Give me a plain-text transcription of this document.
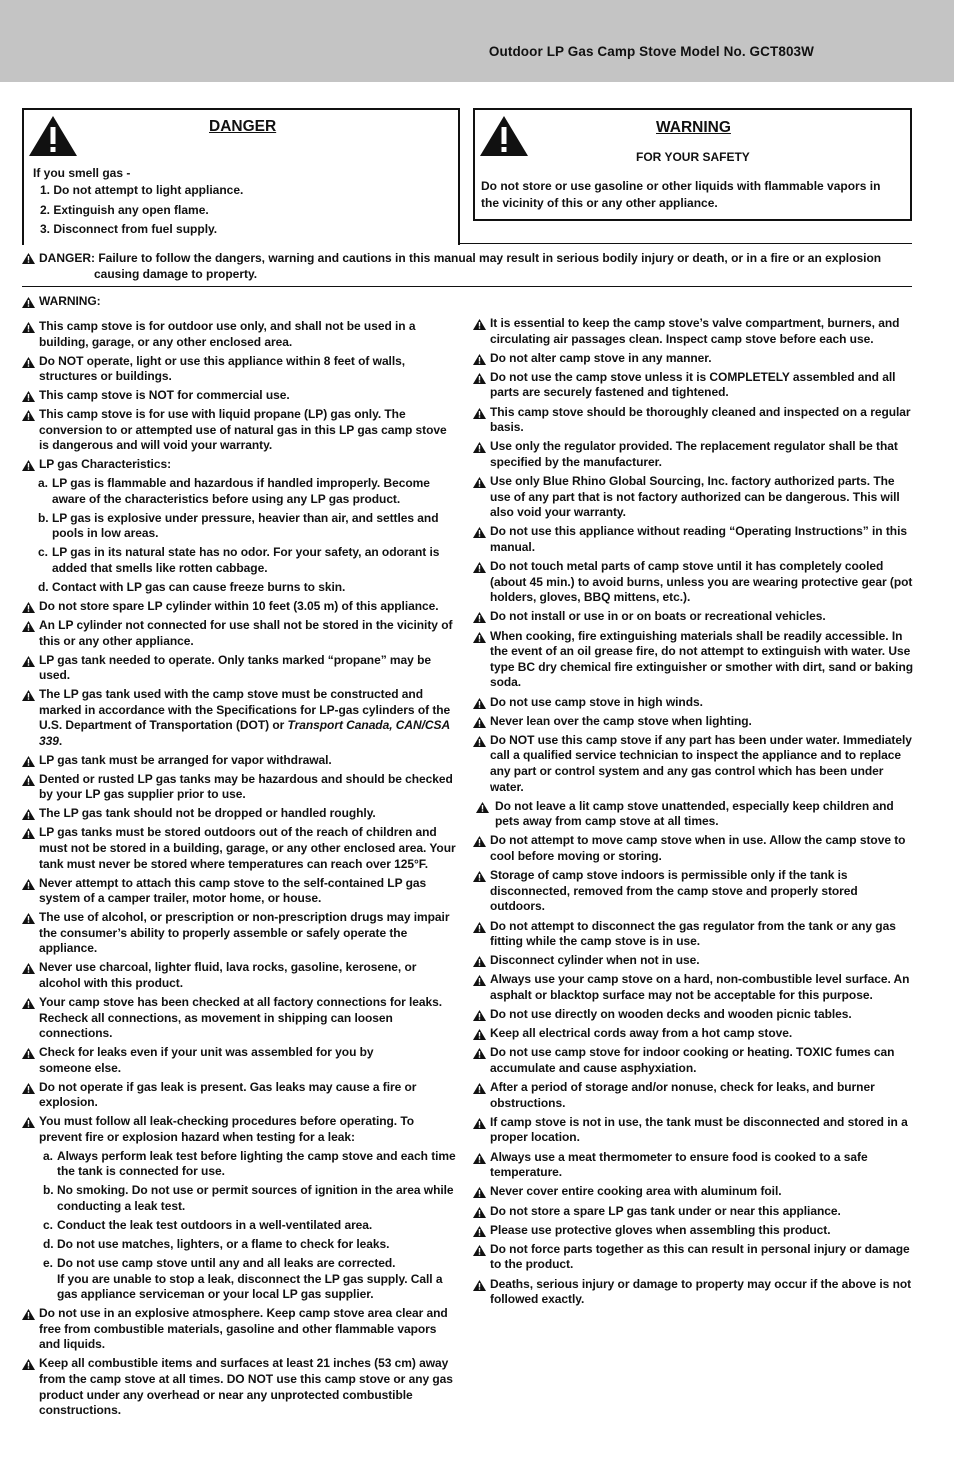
Outdoor LP Gas Camp Stove Model No. GCT803W
DANGER
If you smell gas -
1. Do not attempt to light appliance.
2. Extinguish any open flame.
3. Disconnect from fuel supply.
WARNING
FOR YOUR SAFETY
Do not store or use gasoline or other liquids with flammable vapors in
the vicinity of this or any other appliance.

DANGER: Failure to follow the dangers, warning and cautions in this manual may result in serious bodily injury or death, or in a fire or an explosion

causing damage to property.

WARNING:

This camp stove is for outdoor use only, and shall not be used in a building, garage, or any other enclosed area.

Do NOT operate, light or use this appliance within 8 feet of walls, structures or buildings.

This camp stove is NOT for commercial use.

This camp stove is for use with liquid propane (LP) gas only. The conversion to or attempted use of natural gas in this LP gas camp stove is dangerous and will void your warranty.

LP gas Characteristics:

a. LP gas is flammable and hazardous if handled improperly. Become aware of the characteristics before using any LP gas product.

b. LP gas is explosive under pressure, heavier than air, and settles and pools in low areas.

c. LP gas in its natural state has no odor. For your safety, an odorant is added that smells like rotten cabbage.

d. Contact with LP gas can cause freeze burns to skin.

Do not store spare LP cylinder within 10 feet (3.05 m) of this appliance.

An LP cylinder not connected for use shall not be stored in the vicinity of this or any other appliance.

LP gas tank needed to operate. Only tanks marked “propane” may be used.

The LP gas tank used with the camp stove must be constructed and marked in accordance with the Specifications for LP-gas cylinders of the U.S. Department of Transportation (DOT) or Transport Canada, CAN/CSA 339.

LP gas tank must be arranged for vapor withdrawal.

Dented or rusted LP gas tanks may be hazardous and should be checked by your LP gas supplier prior to use.

The LP gas tank should not be dropped or handled roughly.

LP gas tanks must be stored outdoors out of the reach of children and must not be stored in a building, garage, or any other enclosed area. Your tank must never be stored where temperatures can reach over 125°F.

Never attempt to attach this camp stove to the self-contained LP gas system of a camper trailer, motor home, or house.

The use of alcohol, or prescription or non-prescription drugs may impair the consumer’s ability to properly assemble or safely operate the appliance.

Never use charcoal, lighter fluid, lava rocks, gasoline, kerosene, or alcohol with this product.

Your camp stove has been checked at all factory connections for leaks. Recheck all connections, as movement in shipping can loosen connections.

Check for leaks even if your unit was assembled for you by
someone else.

Do not operate if gas leak is present. Gas leaks may cause a fire or explosion.

You must follow all leak-checking procedures before operating. To prevent fire or explosion hazard when testing for a leak:

a. Always perform leak test before lighting the camp stove and each time the tank is connected for use.

b. No smoking. Do not use or permit sources of ignition in the area while conducting a leak test.

c. Conduct the leak test outdoors in a well-ventilated area.

d. Do not use matches, lighters, or a flame to check for leaks.

e. Do not use camp stove until any and all leaks are corrected.

If you are unable to stop a leak, disconnect the LP gas supply. Call a gas appliance serviceman or your local LP gas supplier.

Do not use in an explosive atmosphere. Keep camp stove area clear and free from combustible materials, gasoline and other flammable vapors and liquids.

Keep all combustible items and surfaces at least 21 inches (53 cm) away from the camp stove at all times. DO NOT use this camp stove or any gas product under any overhead or near any unprotected combustible constructions.

It is essential to keep the camp stove’s valve compartment, burners, and circulating air passages clean. Inspect camp stove before each use.

Do not alter camp stove in any manner.

Do not use the camp stove unless it is COMPLETELY assembled and all parts are securely fastened and tightened.

This camp stove should be thoroughly cleaned and inspected on a regular basis.

Use only the regulator provided. The replacement regulator shall be that specified by the manufacturer.

Use only Blue Rhino Global Sourcing, Inc. factory authorized parts. The use of any part that is not factory authorized can be dangerous. This will also void your warranty.

Do not use this appliance without reading “Operating Instructions” in this manual.

Do not touch metal parts of camp stove until it has completely cooled (about 45 min.) to avoid burns, unless you are wearing protective gear (pot holders, gloves, BBQ mittens, etc.).

Do not install or use in or on boats or recreational vehicles.

When cooking, fire extinguishing materials shall be readily accessible. In the event of an oil grease fire, do not attempt to extinguish with water. Use type BC dry chemical fire extinguisher or smother with dirt, sand or baking soda.

Do not use camp stove in high winds.

Never lean over the camp stove when lighting.

Do NOT use this camp stove if any part has been under water. Immediately call a qualified service technician to inspect the appliance and to replace any part or control system and any gas control which has been under water.

Do not leave a lit camp stove unattended, especially keep children and pets away from camp stove at all times.

Do not attempt to move camp stove when in use. Allow the camp stove to cool before moving or storing.

Storage of camp stove indoors is permissible only if the tank is disconnected, removed from the camp stove and properly stored outdoors.

Do not attempt to disconnect the gas regulator from the tank or any gas fitting while the camp stove is in use.

Disconnect cylinder when not in use.

Always use your camp stove on a hard, non-combustible level surface. An asphalt or blacktop surface may not be acceptable for this purpose.

Do not use directly on wooden decks and wooden picnic tables.

Keep all electrical cords away from a hot camp stove.

Do not use camp stove for indoor cooking or heating. TOXIC fumes can accumulate and cause asphyxiation.

After a period of storage and/or nonuse, check for leaks, and burner obstructions.

If camp stove is not in use, the tank must be disconnected and stored in a proper location.

Always use a meat thermometer to ensure food is cooked to a safe temperature.

Never cover entire cooking area with aluminum foil.

Do not store a spare LP gas tank under or near this appliance.

Please use protective gloves when assembling this product.

Do not force parts together as this can result in personal injury or damage to the product.

Deaths, serious injury or damage to property may occur if the above is not followed exactly.
